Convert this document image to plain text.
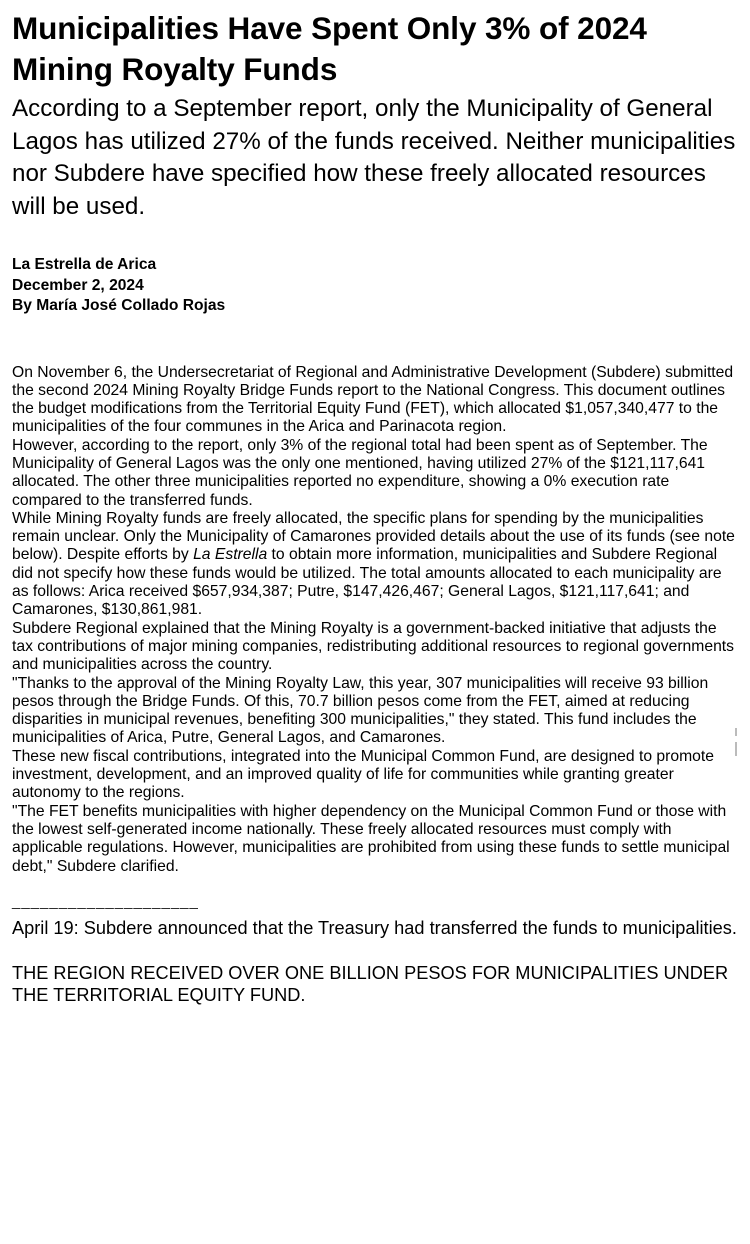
Municipalities Have Spent Only 3% of 2024 Mining Royalty Funds

According to a September report, only the Municipality of General Lagos has utilized 27% of the funds received. Neither municipalities nor Subdere have specified how these freely allocated resources will be used.

La Estrella de Arica
December 2, 2024
By María José Collado Rojas

On November 6, the Undersecretariat of Regional and Administrative Development (Subdere) submitted the second 2024 Mining Royalty Bridge Funds report to the National Congress. This document outlines the budget modifications from the Territorial Equity Fund (FET), which allocated $1,057,340,477 to the municipalities of the four communes in the Arica and Parinacota region.

However, according to the report, only 3% of the regional total had been spent as of September. The Municipality of General Lagos was the only one mentioned, having utilized 27% of the $121,117,641 allocated. The other three municipalities reported no expenditure, showing a 0% execution rate compared to the transferred funds.

While Mining Royalty funds are freely allocated, the specific plans for spending by the municipalities remain unclear. Only the Municipality of Camarones provided details about the use of its funds (see note below). Despite efforts by La Estrella to obtain more information, municipalities and Subdere Regional did not specify how these funds would be utilized. The total amounts allocated to each municipality are as follows: Arica received $657,934,387; Putre, $147,426,467; General Lagos, $121,117,641; and Camarones, $130,861,981.

Subdere Regional explained that the Mining Royalty is a government-backed initiative that adjusts the tax contributions of major mining companies, redistributing additional resources to regional governments and municipalities across the country.

"Thanks to the approval of the Mining Royalty Law, this year, 307 municipalities will receive 93 billion pesos through the Bridge Funds. Of this, 70.7 billion pesos come from the FET, aimed at reducing disparities in municipal revenues, benefiting 300 municipalities," they stated. This fund includes the municipalities of Arica, Putre, General Lagos, and Camarones.

These new fiscal contributions, integrated into the Municipal Common Fund, are designed to promote investment, development, and an improved quality of life for communities while granting greater autonomy to the regions.

"The FET benefits municipalities with higher dependency on the Municipal Common Fund or those with the lowest self-generated income nationally. These freely allocated resources must comply with applicable regulations. However, municipalities are prohibited from using these funds to settle municipal debt," Subdere clarified.

____________________

April 19: Subdere announced that the Treasury had transferred the funds to municipalities.

THE REGION RECEIVED OVER ONE BILLION PESOS FOR MUNICIPALITIES UNDER THE TERRITORIAL EQUITY FUND.
